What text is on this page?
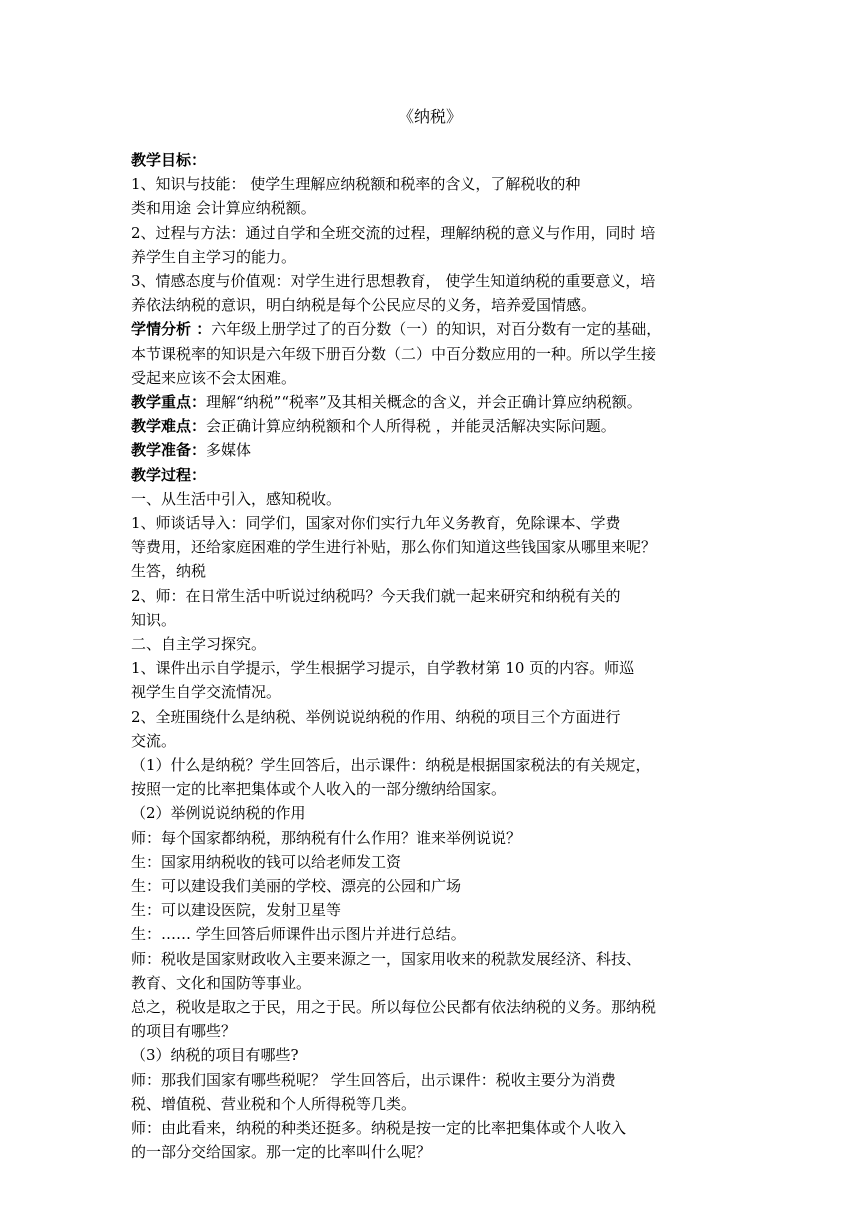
《纳税》
教学目标：
1、知识与技能： 使学生理解应纳税额和税率的含义，了解税收的种
类和用途 会计算应纳税额。
2、过程与方法：通过自学和全班交流的过程，理解纳税的意义与作用，同时 培
养学生自主学习的能力。
3、情感态度与价值观：对学生进行思想教育， 使学生知道纳税的重要意义，培
养依法纳税的意识，明白纳税是每个公民应尽的义务，培养爱国情感。
学情分析 ：六年级上册学过了的百分数（一）的知识，对百分数有一定的基础，
本节课税率的知识是六年级下册百分数（二）中百分数应用的一种。所以学生接
受起来应该不会太困难。
教学重点：理解“纳税”“税率”及其相关概念的含义，并会正确计算应纳税额。
教学难点：会正确计算应纳税额和个人所得税 ，并能灵活解决实际问题。
教学准备：多媒体
教学过程：
一、从生活中引入，感知税收。
1、师谈话导入：同学们，国家对你们实行九年义务教育，免除课本、学费
等费用，还给家庭困难的学生进行补贴，那么你们知道这些钱国家从哪里来呢？
生答，纳税
2、师：在日常生活中听说过纳税吗？今天我们就一起来研究和纳税有关的
知识。
二、自主学习探究。
1、课件出示自学提示，学生根据学习提示，自学教材第 10 页的内容。师巡
视学生自学交流情况。
2、全班围绕什么是纳税、举例说说纳税的作用、纳税的项目三个方面进行
交流。
（1）什么是纳税？学生回答后，出示课件：纳税是根据国家税法的有关规定，
按照一定的比率把集体或个人收入的一部分缴纳给国家。
（2）举例说说纳税的作用
师：每个国家都纳税，那纳税有什么作用？谁来举例说说？
生：国家用纳税收的钱可以给老师发工资
生：可以建设我们美丽的学校、漂亮的公园和广场
生：可以建设医院，发射卫星等
生：…… 学生回答后师课件出示图片并进行总结。
师：税收是国家财政收入主要来源之一，国家用收来的税款发展经济、科技、
教育、文化和国防等事业。
总之，税收是取之于民，用之于民。所以每位公民都有依法纳税的义务。那纳税
的项目有哪些？
（3）纳税的项目有哪些?
师：那我们国家有哪些税呢？ 学生回答后，出示课件：税收主要分为消费
税、增值税、营业税和个人所得税等几类。
师：由此看来，纳税的种类还挺多。纳税是按一定的比率把集体或个人收入
的一部分交给国家。那一定的比率叫什么呢？
